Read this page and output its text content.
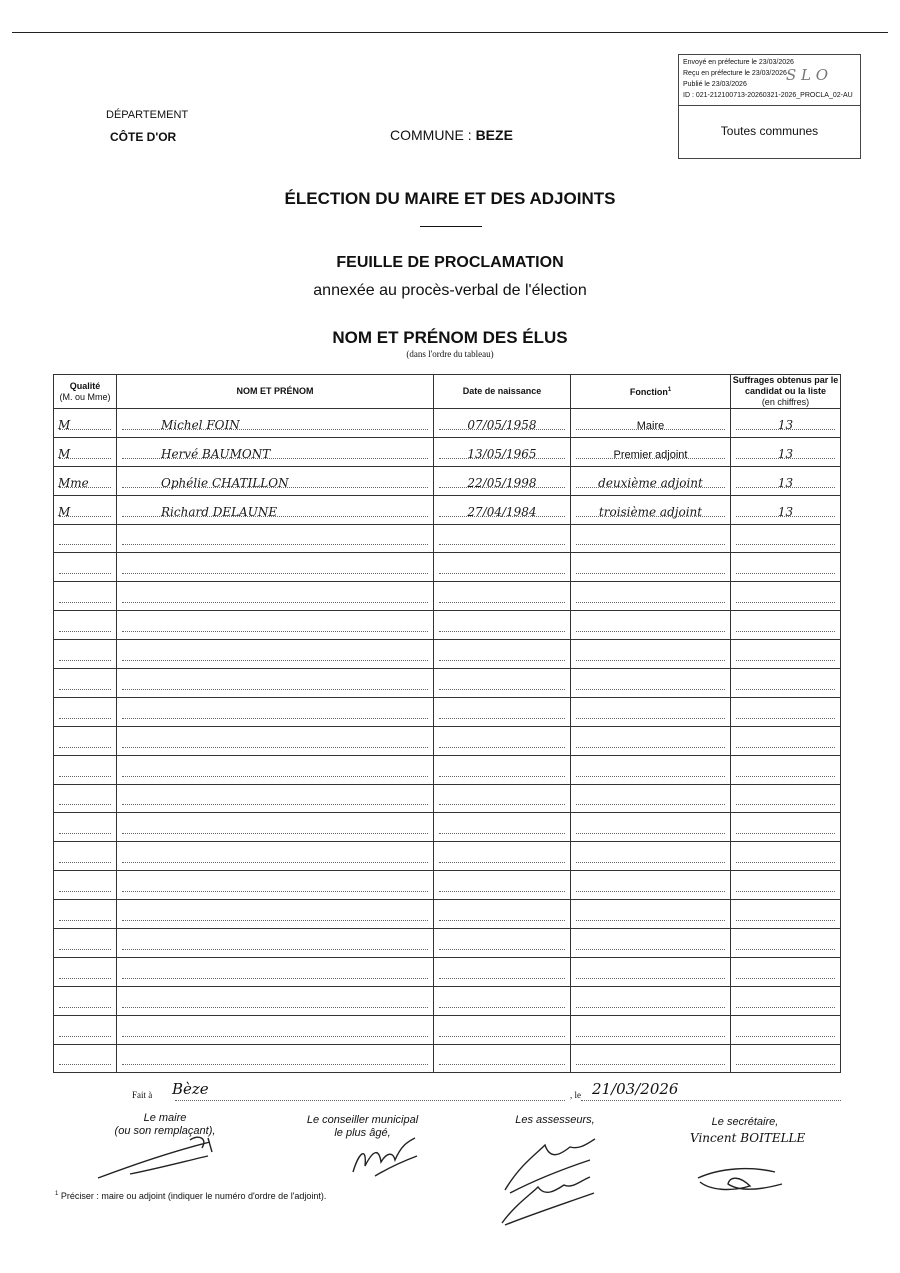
Envoyé en préfecture le 23/03/2026
Reçu en préfecture le 23/03/2026
Publié le 23/03/2026
ID : 021-212100713-20260321-2026_PROCLA_02-AU
S L O
Toutes communes
DÉPARTEMENT
CÔTE D'OR	COMMUNE : BEZE
ÉLECTION DU MAIRE ET DES ADJOINTS
FEUILLE DE PROCLAMATION
annexée au procès-verbal de l'élection
NOM ET PRÉNOM DES ÉLUS
(dans l'ordre du tableau)
Qualité
(M. ou Mme)	NOM ET PRÉNOM	Date de naissance	Fonction$^1$	Suffrages obtenus par le candidat ou la liste
(en chiffres)

M	Michel FOIN	07/05/1958	Maire	13

M	Hervé BAUMONT	13/05/1965	Premier adjoint	13

Mme	Ophélie CHATILLON	22/05/1998	deuxième adjoint	13

M	Richard DELAUNE	27/04/1984	troisième adjoint	13

Fait à Bèze	, le 21/03/2026
Le maire
(ou son remplaçant),
Le conseiller municipal
le plus âgé,
Les assesseurs,	Le secrétaire,
Vincent BOITELLE
$^1$ Préciser : maire ou adjoint (indiquer le numéro d'ordre de l'adjoint).
